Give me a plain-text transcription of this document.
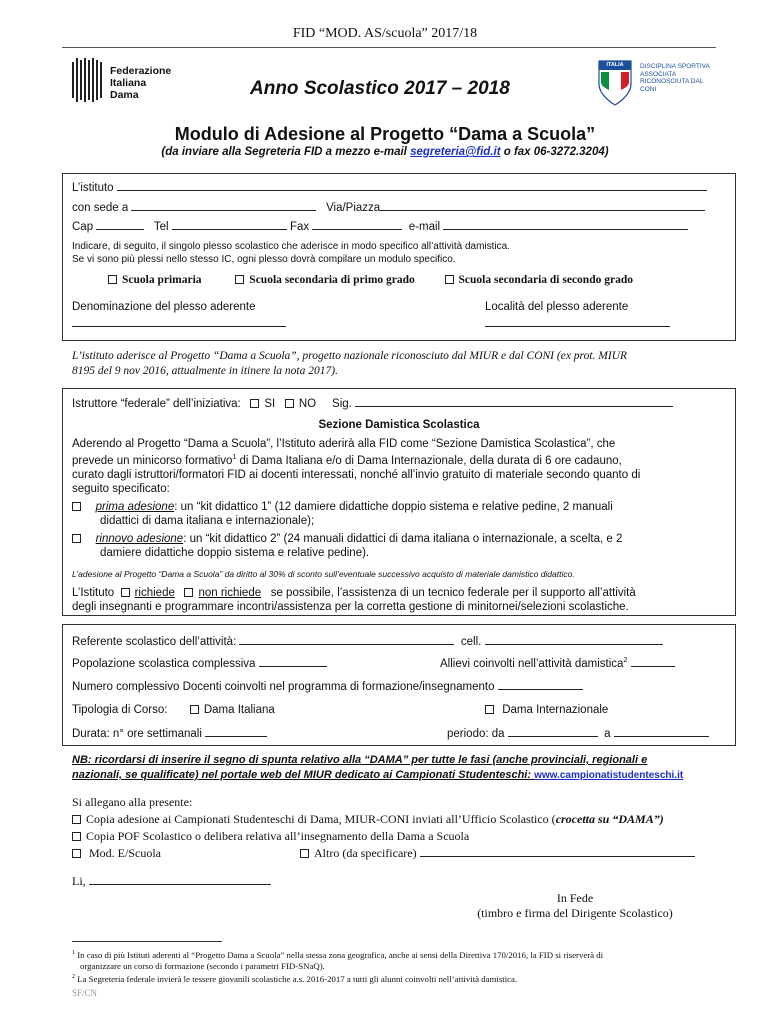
FID “MOD. AS/scuola” 2017/18
Federazione
Italiana
Dama	Anno Scolastico 2017 – 2018
ITALIA	DISCIPLINA SPORTIVA ASSOCIATA RICONOSCIUTA DAL CONI
Modulo di Adesione al Progetto “Dama a Scuola”
(da inviare alla Segreteria FID a mezzo e-mail segreteria@fid.it o fax 06-3272.3204)
L’istituto
con sede a	Via/Piazza
Cap	Tel	Fax	e-mail
Indicare, di seguito, il singolo plesso scolastico che aderisce in modo specifico all’attività damistica.
Se vi sono più plessi nello stesso IC, ogni plesso dovrà compilare un modulo specifico.
Scuola primaria	Scuola secondaria di primo grado	Scuola secondaria di secondo grado
Denominazione del plesso aderente	Località del plesso aderente
L’istituto aderisce al Progetto “Dama a Scuola”, progetto nazionale riconosciuto dal MIUR e dal CONI (ex prot. MIUR
8195 del 9 nov 2016, attualmente in itinere la nota 2017).
Istruttore “federale” dell’iniziativa: SI NO Sig.
Sezione Damistica Scolastica
Aderendo al Progetto “Dama a Scuola”, l’Istituto aderirà alla FID come “Sezione Damistica Scolastica”, che
prevede un minicorso formativo$^1$ di Dama Italiana e/o di Dama Internazionale, della durata di 6 ore cadauno,
curato dagli istruttori/formatori FID ai docenti interessati, nonché all’invio gratuito di materiale secondo quanto di
seguito specificato:
prima adesione: un “kit didattico 1” (12 damiere didattiche doppio sistema e relative pedine, 2 manuali
didattici di dama italiana e internazionale);
rinnovo adesione: un “kit didattico 2” (24 manuali didattici di dama italiana o internazionale, a scelta, e 2
damiere didattiche doppio sistema e relative pedine).
L’adesione al Progetto “Dama a Scuola” da diritto al 30% di sconto sull’eventuale successivo acquisto di materiale damistico didattico.
L’Istituto richiede non richiede se possibile, l’assistenza di un tecnico federale per il supporto all’attività
degli insegnanti e programmare incontri/assistenza per la corretta gestione di minitornei/selezioni scolastiche.
Referente scolastico dell’attività:	cell.
Popolazione scolastica complessiva	Allievi coinvolti nell’attività damistica$^2$
Numero complessivo Docenti coinvolti nel programma di formazione/insegnamento
Tipologia di Corso:	Dama Italiana	Dama Internazionale
Durata: n° ore settimanali	periodo: da	a
NB: ricordarsi di inserire il segno di spunta relativo alla “DAMA” per tutte le fasi (anche provinciali, regionali e
nazionali, se qualificate) nel portale web del MIUR dedicato ai Campionati Studenteschi: www.campionatistudenteschi.it
Si allegano alla presente:
Copia adesione ai Campionati Studenteschi di Dama, MIUR-CONI inviati all’Ufficio Scolastico (crocetta su “DAMA”)
Copia POF Scolastico o delibera relativa all’insegnamento della Dama a Scuola
Mod. E/Scuola	Altro (da specificare)
Li,
In Fede
(timbro e firma del Dirigente Scolastico)
$^1$ In caso di più Istituti aderenti al “Progetto Dama a Scuola” nella stessa zona geografica, anche ai sensi della Direttiva 170/2016, la FID si riserverà di
organizzare un corso di formazione (secondo i parametri FID-SNaQ).
$^2$ La Segreteria federale invierà le tessere giovanili scolastiche a.s. 2016-2017 a tutti gli alunni coinvolti nell’attività damistica.
SF/CN
